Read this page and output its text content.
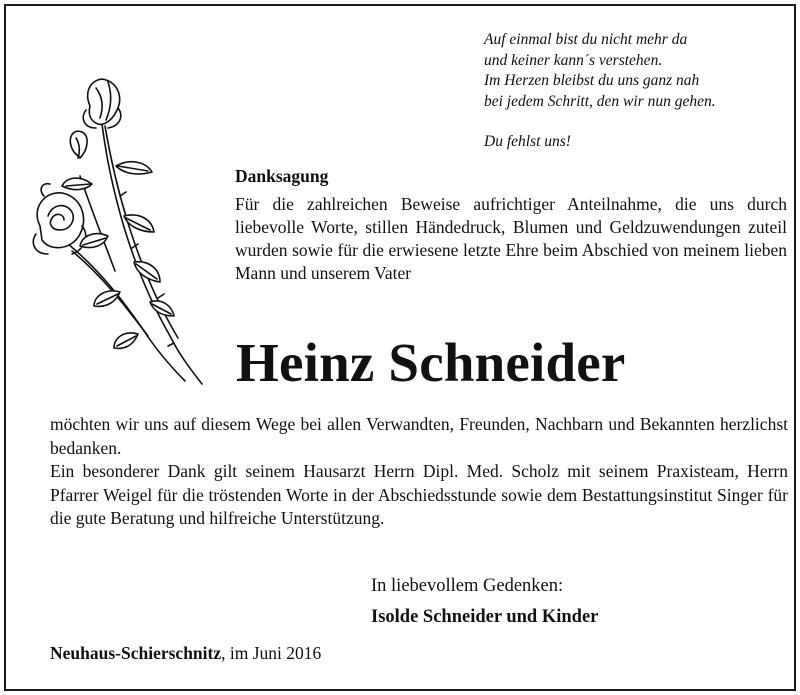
Auf einmal bist du nicht mehr da
und keiner kann´s verstehen.
Im Herzen bleibst du uns ganz nah
bei jedem Schritt, den wir nun gehen.
Du fehlst uns!
Danksagung
Für die zahlreichen Beweise aufrichtiger Anteilnahme, die uns durch liebevolle Worte, stillen Händedruck, Blumen und Geldzuwendungen zuteil wurden sowie für die erwiesene letzte Ehre beim Abschied von meinem lieben Mann und unserem Vater
Heinz Schneider

möchten wir uns auf diesem Wege bei allen Verwandten, Freunden, Nachbarn und Bekannten herzlichst bedanken.

Ein besonderer Dank gilt seinem Hausarzt Herrn Dipl. Med. Scholz mit seinem Praxisteam, Herrn Pfarrer Weigel für die tröstenden Worte in der Abschiedsstunde sowie dem Bestattungsinstitut Singer für die gute Beratung und hilfreiche Unterstützung.

In liebevollem Gedenken:
Isolde Schneider und Kinder
Neuhaus-Schierschnitz, im Juni 2016
